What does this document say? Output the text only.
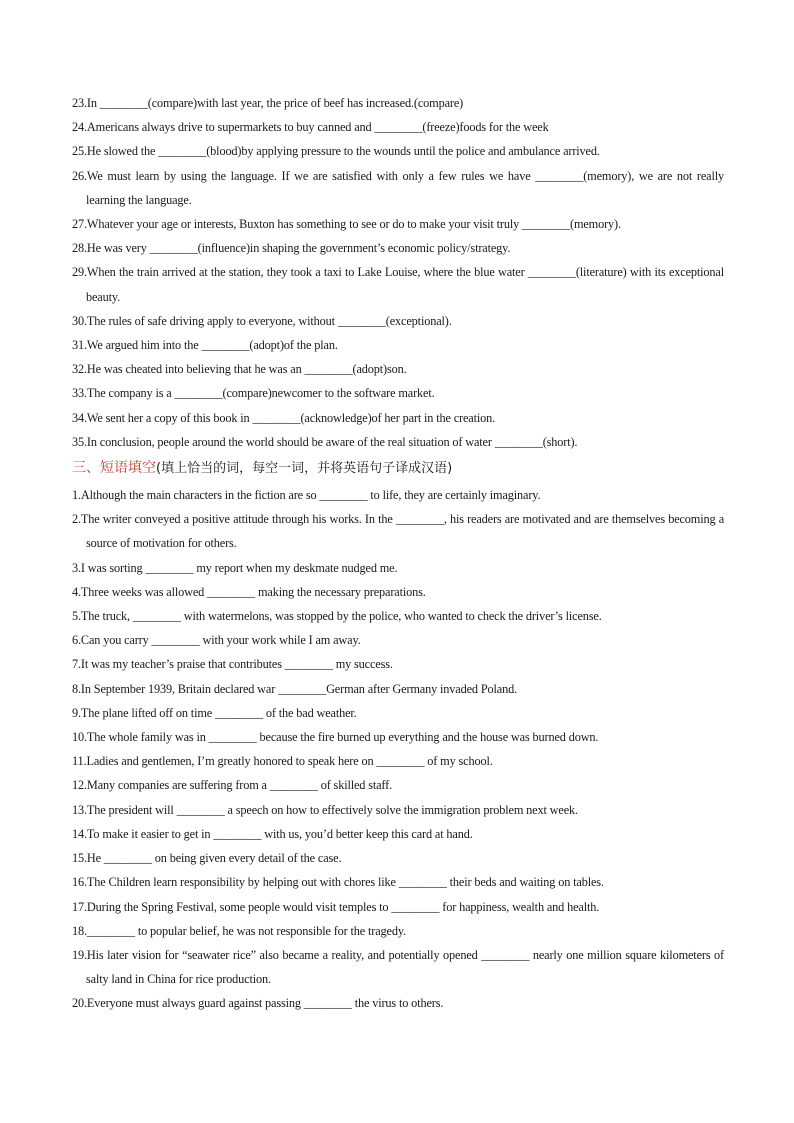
23.In ________(compare)with last year, the price of beef has increased.(compare)
24.Americans always drive to supermarkets to buy canned and ________(freeze)foods for the week
25.He slowed the ________(blood)by applying pressure to the wounds until the police and ambulance arrived.
26.We must learn by using the language. If we are satisfied with only a few rules we have ________(memory), we are not really learning the language.
27.Whatever your age or interests, Buxton has something to see or do to make your visit truly ________(memory).
28.He was very ________(influence)in shaping the government’s economic policy/strategy.
29.When the train arrived at the station, they took a taxi to Lake Louise, where the blue water ________(literature) with its exceptional beauty.
30.The rules of safe driving apply to everyone, without ________(exceptional).
31.We argued him into the ________(adopt)of the plan.
32.He was cheated into believing that he was an ________(adopt)son.
33.The company is a ________(compare)newcomer to the software market.
34.We sent her a copy of this book in ________(acknowledge)of her part in the creation.
35.In conclusion, people around the world should be aware of the real situation of water ________(short).
三、短语填空(填上恰当的词，每空一词，并将英语句子译成汉语)
1.Although the main characters in the fiction are so ________ to life, they are certainly imaginary.
2.The writer conveyed a positive attitude through his works. In the ________, his readers are motivated and are themselves becoming a source of motivation for others.
3.I was sorting ________ my report when my deskmate nudged me.
4.Three weeks was allowed ________ making the necessary preparations.
5.The truck, ________ with watermelons, was stopped by the police, who wanted to check the driver’s license.
6.Can you carry ________ with your work while I am away.
7.It was my teacher’s praise that contributes ________ my success.
8.In September 1939, Britain declared war ________German after Germany invaded Poland.
9.The plane lifted off on time ________ of the bad weather.
10.The whole family was in ________ because the fire burned up everything and the house was burned down.
11.Ladies and gentlemen, I’m greatly honored to speak here on ________ of my school.
12.Many companies are suffering from a ________ of skilled staff.
13.The president will ________ a speech on how to effectively solve the immigration problem next week.
14.To make it easier to get in ________ with us, you’d better keep this card at hand.
15.He ________ on being given every detail of the case.
16.The Children learn responsibility by helping out with chores like ________ their beds and waiting on tables.
17.During the Spring Festival, some people would visit temples to ________ for happiness, wealth and health.
18.________ to popular belief, he was not responsible for the tragedy.
19.His later vision for “seawater rice” also became a reality, and potentially opened ________ nearly one million square kilometers of salty land in China for rice production.
20.Everyone must always guard against passing ________ the virus to others.
